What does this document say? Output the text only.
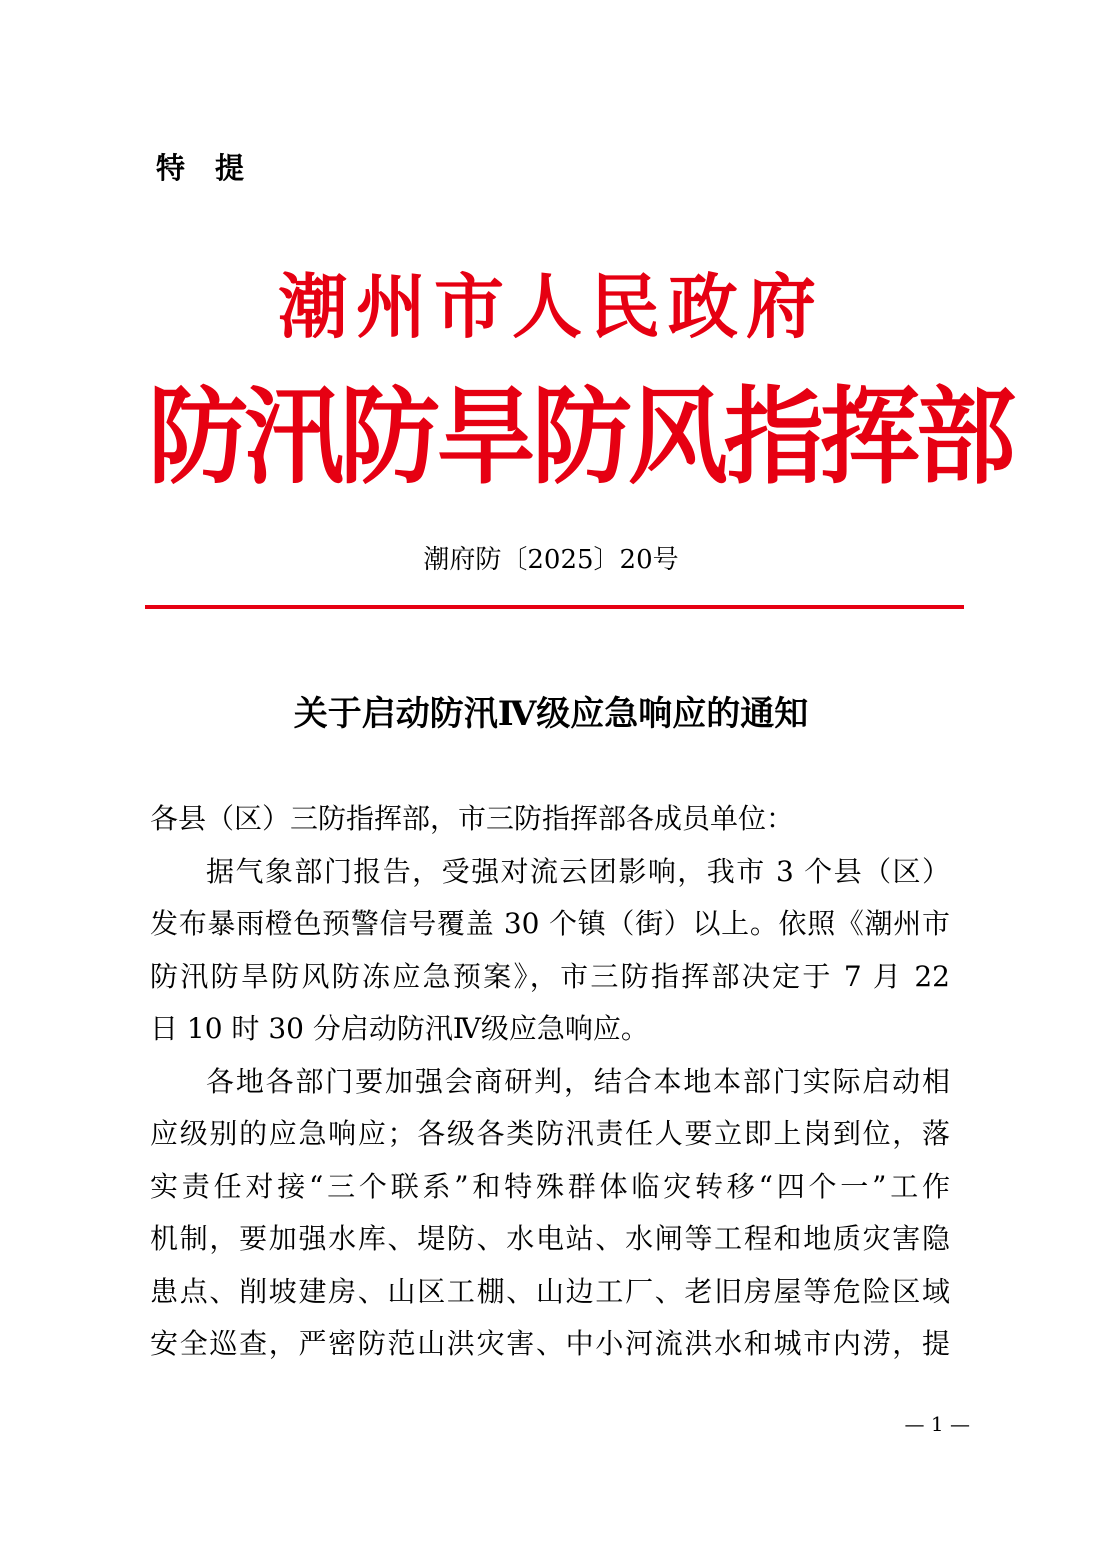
特提
潮州市人民政府
防汛防旱防风指挥部
潮府防〔2025〕20号
关于启动防汛Ⅳ级应急响应的通知
各县（区）三防指挥部，市三防指挥部各成员单位：
据气象部门报告，受强对流云团影响，我市 3 个县（区）
发布暴雨橙色预警信号覆盖 30 个镇（街）以上。依照《潮州市
防汛防旱防风防冻应急预案》，市三防指挥部决定于 7 月 22
日 10 时 30 分启动防汛Ⅳ级应急响应。
各地各部门要加强会商研判，结合本地本部门实际启动相
应级别的应急响应；各级各类防汛责任人要立即上岗到位，落
实责任对接“三个联系”和特殊群体临灾转移“四个一”工作
机制，要加强水库、堤防、水电站、水闸等工程和地质灾害隐
患点、削坡建房、山区工棚、山边工厂、老旧房屋等危险区域
安全巡查，严密防范山洪灾害、中小河流洪水和城市内涝，提
— 1 —
